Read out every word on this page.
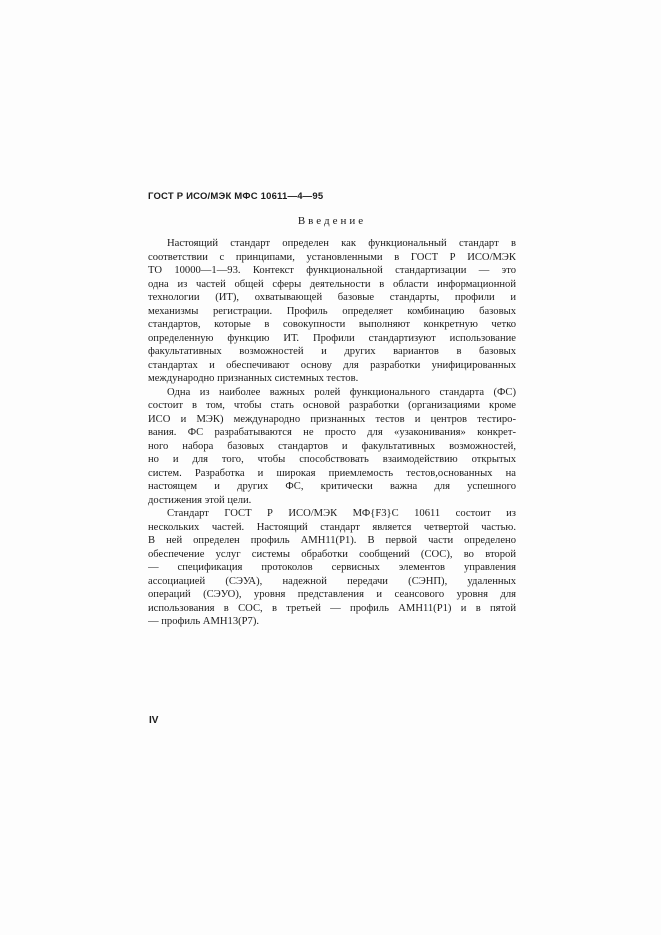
ГОСТ Р ИСО/МЭК МФС 10611—4—95
Введение
Настоящий стандарт определен как функциональный стандарт в
соответствии с принципами, установленными в ГОСТ Р ИСО/МЭК
ТО 10000—1—93. Контекст функциональной стандартизации — это
одна из частей общей сферы деятельности в области информационной
технологии (ИТ), охватывающей базовые стандарты, профили и
механизмы регистрации. Профиль определяет комбинацию базовых
стандартов, которые в совокупности выполняют конкретную четко
определенную функцию ИТ. Профили стандартизуют использование
факультативных возможностей и других вариантов в базовых
стандартах и обеспечивают основу для разработки унифицированных
международно признанных системных тестов.
Одна из наиболее важных ролей функционального стандарта (ФС)
состоит в том, чтобы стать основой разработки (организациями кроме
ИСО и МЭК) международно признанных тестов и центров тестиро-
вания. ФС разрабатываются не просто для «узаконивания» конкрет-
ного набора базовых стандартов и факультативных возможностей,
но и для того, чтобы способствовать взаимодействию открытых
систем. Разработка и широкая приемлемость тестов,основанных на
настоящем и других ФС, критически важна для успешного
достижения этой цели.
Стандарт ГОСТ Р ИСО/МЭК МФ{F3}С 10611 состоит из
нескольких частей. Настоящий стандарт является четвертой частью.
В ней определен профиль АМН11(Р1). В первой части определено
обеспечение услуг системы обработки сообщений (СОС), во второй
— спецификация протоколов сервисных элементов управления
ассоциацией (СЭУА), надежной передачи (СЭНП), удаленных
операций (СЭУО), уровня представления и сеансового уровня для
использования в СОС, в третьей — профиль АМН11(Р1) и в пятой
— профиль АМН13(Р7).
IV
